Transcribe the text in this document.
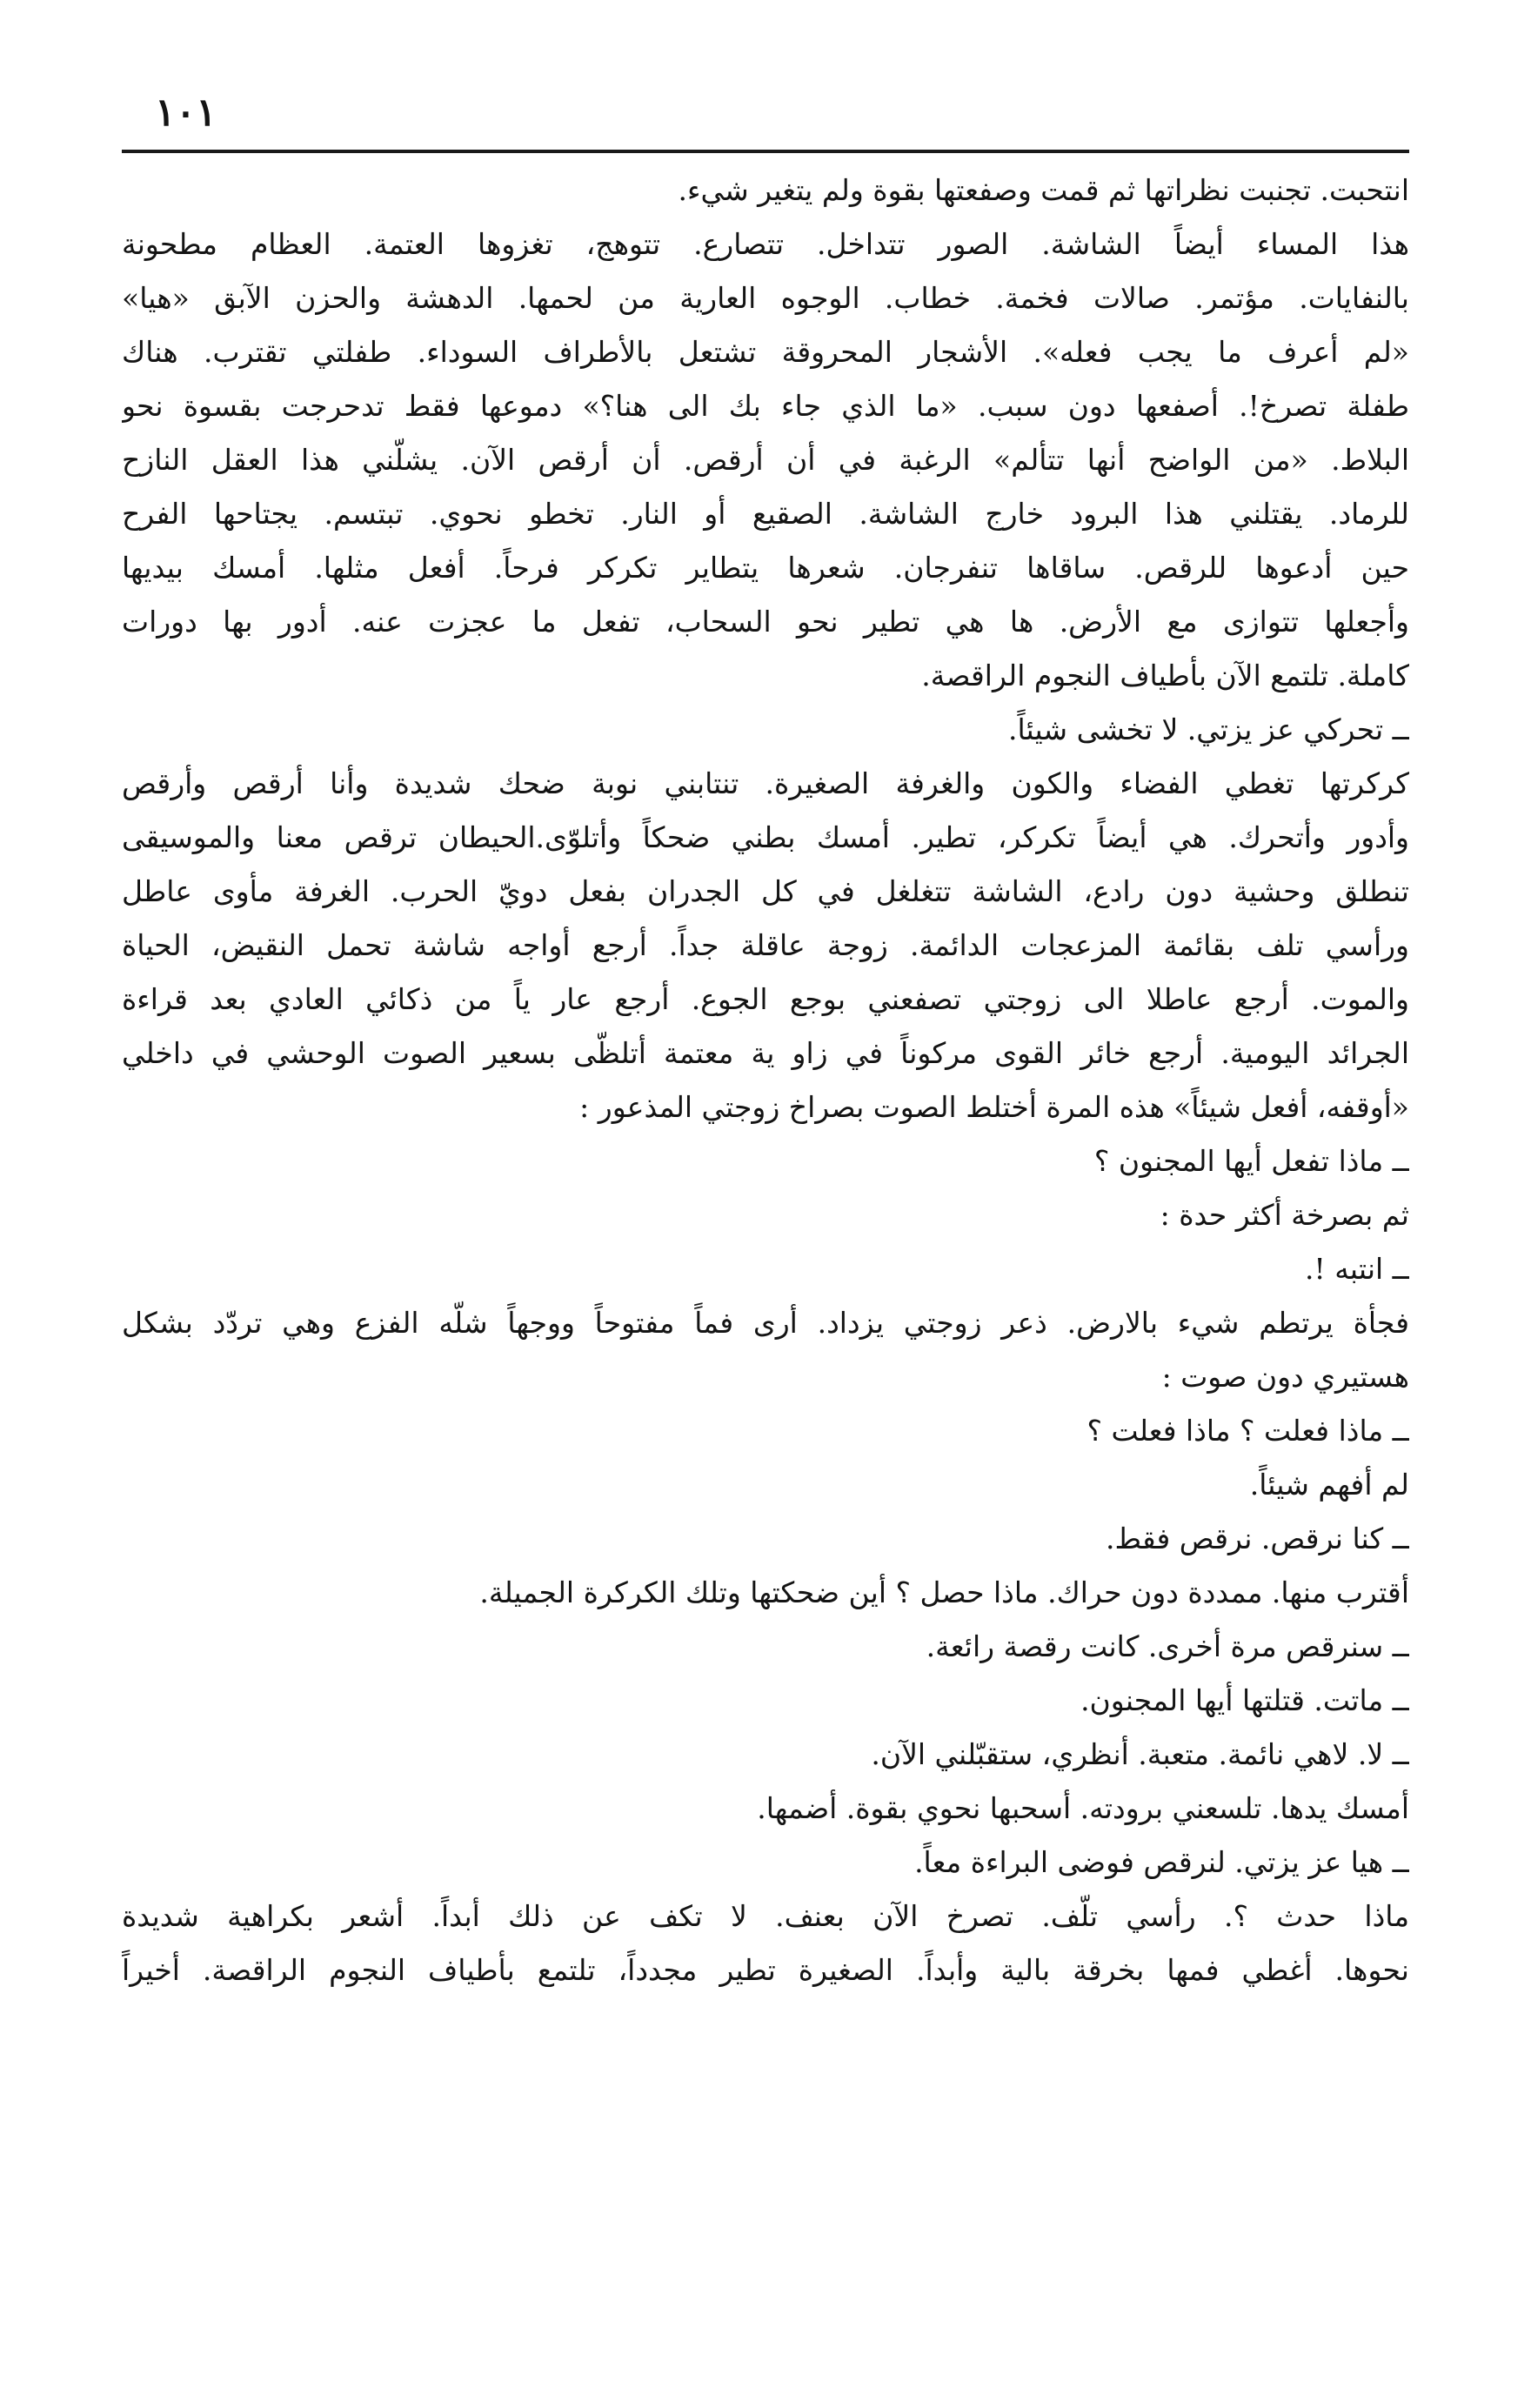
١٠١
انتحبت. تجنبت نظراتها ثم قمت وصفعتها بقوة ولم يتغير شيء.
هذا المساء أيضاً الشاشة. الصور تتداخل. تتصارع. تتوهج، تغزوها العتمة. العظام مطحونة
بالنفايات. مؤتمر. صالات فخمة. خطاب. الوجوه العارية من لحمها. الدهشة والحزن الآبق «هيا»
«لم أعرف ما يجب فعله». الأشجار المحروقة تشتعل بالأطراف السوداء. طفلتي تقترب. هناك
طفلة تصرخ!. أصفعها دون سبب. «ما الذي جاء بك الى هنا؟» دموعها فقط تدحرجت بقسوة نحو
البلاط. «من الواضح أنها تتألم» الرغبة في أن أرقص. أن أرقص الآن. يشلّني هذا العقل النازح
للرماد. يقتلني هذا البرود خارج الشاشة. الصقيع أو النار. تخطو نحوي. تبتسم. يجتاحها الفرح
حين أدعوها للرقص. ساقاها تنفرجان. شعرها يتطاير تكركر فرحاً. أفعل مثلها. أمسك بيديها
وأجعلها تتوازى مع الأرض. ها هي تطير نحو السحاب، تفعل ما عجزت عنه. أدور بها دورات
كاملة. تلتمع الآن بأطياف النجوم الراقصة.
ــ تحركي عز يزتي. لا تخشى شيئاً.
كركرتها تغطي الفضاء والكون والغرفة الصغيرة. تنتابني نوبة ضحك شديدة وأنا أرقص وأرقص
وأدور وأتحرك. هي أيضاً تكركر، تطير. أمسك بطني ضحكاً وأتلوّى.الحيطان ترقص معنا والموسيقى
تنطلق وحشية دون رادع، الشاشة تتغلغل في كل الجدران بفعل دويّ الحرب. الغرفة مأوى عاطل
ورأسي تلف بقائمة المزعجات الدائمة. زوجة عاقلة جداً. أرجع أواجه شاشة تحمل النقيض، الحياة
والموت. أرجع عاطلا الى زوجتي تصفعني بوجع الجوع. أرجع عار ياً من ذكائي العادي بعد قراءة
الجرائد اليومية. أرجع خائر القوى مركوناً في زاو ية معتمة أتلظّى بسعير الصوت الوحشي في داخلي
«أوقفه، أفعل شيئاً» هذه المرة أختلط الصوت بصراخ زوجتي المذعور :
ــ ماذا تفعل أيها المجنون ؟
ثم بصرخة أكثر حدة :
ــ انتبه !.
فجأة يرتطم شيء بالارض. ذعر زوجتي يزداد. أرى فماً مفتوحاً ووجهاً شلّه الفزع وهي تردّد بشكل
هستيري دون صوت :
ــ ماذا فعلت ؟ ماذا فعلت ؟
لم أفهم شيئاً.
ــ كنا نرقص. نرقص فقط.
أقترب منها. ممددة دون حراك. ماذا حصل ؟ أين ضحكتها وتلك الكركرة الجميلة.
ــ سنرقص مرة أخرى. كانت رقصة رائعة.
ــ ماتت. قتلتها أيها المجنون.
ــ لا. لاهي نائمة. متعبة. أنظري، ستقبّلني الآن.
أمسك يدها. تلسعني برودته. أسحبها نحوي بقوة. أضمها.
ــ هيا عز يزتي. لنرقص فوضى البراءة معاً.
ماذا حدث ؟. رأسي تلّف. تصرخ الآن بعنف. لا تكف عن ذلك أبداً. أشعر بكراهية شديدة
نحوها. أغطي فمها بخرقة بالية وأبداً. الصغيرة تطير مجدداً، تلتمع بأطياف النجوم الراقصة. أخيراً
